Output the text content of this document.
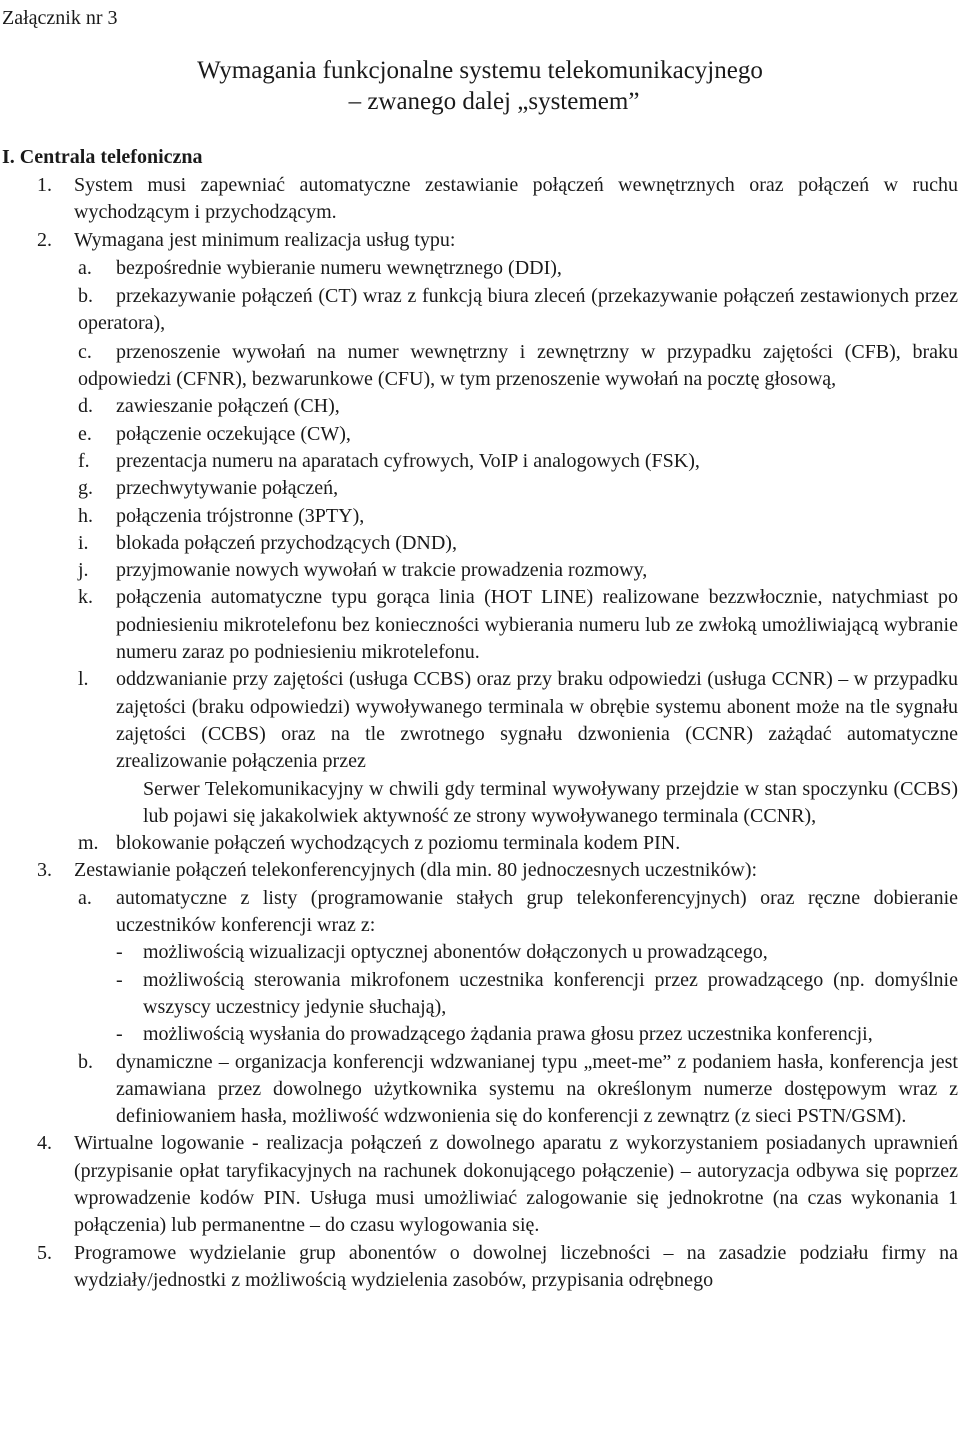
Załącznik nr 3
Wymagania funkcjonalne systemu telekomunikacyjnego
– zwanego dalej „systemem”
I. Centrala telefoniczna
1. System musi zapewniać automatyczne zestawianie połączeń wewnętrznych oraz połączeń w ruchu wychodzącym i przychodzącym.
2. Wymagana jest minimum realizacja usług typu:
a. bezpośrednie wybieranie numeru wewnętrznego (DDI),
b. przekazywanie połączeń (CT) wraz z funkcją biura zleceń (przekazywanie połączeń zestawionych przez operatora),
c. przenoszenie wywołań na numer wewnętrzny i zewnętrzny w przypadku zajętości (CFB), braku odpowiedzi (CFNR), bezwarunkowe (CFU), w tym przenoszenie wywołań na pocztę głosową,
d. zawieszanie połączeń (CH),
e. połączenie oczekujące (CW),
f. prezentacja numeru na aparatach cyfrowych, VoIP i analogowych (FSK),
g. przechwytywanie połączeń,
h. połączenia trójstronne (3PTY),
i. blokada połączeń przychodzących (DND),
j. przyjmowanie nowych wywołań w trakcie prowadzenia rozmowy,
k. połączenia automatyczne typu gorąca linia (HOT LINE) realizowane bezzwłocznie, natychmiast po podniesieniu mikrotelefonu bez konieczności wybierania numeru lub ze zwłoką umożliwiającą wybranie numeru zaraz po podniesieniu mikrotelefonu.
l. oddzwanianie przy zajętości (usługa CCBS) oraz przy braku odpowiedzi (usługa CCNR) – w przypadku zajętości (braku odpowiedzi) wywoływanego terminala w obrębie systemu abonent może na tle sygnału zajętości (CCBS) oraz na tle zwrotnego sygnału dzwonienia (CCNR) zażądać automatyczne zrealizowanie połączenia przez
Serwer Telekomunikacyjny w chwili gdy terminal wywoływany przejdzie w stan spoczynku (CCBS) lub pojawi się jakakolwiek aktywność ze strony wywoływanego terminala (CCNR),
m. blokowanie połączeń wychodzących z poziomu terminala kodem PIN.
3. Zestawianie połączeń telekonferencyjnych (dla min. 80 jednoczesnych uczestników):
a. automatyczne z listy (programowanie stałych grup telekonferencyjnych) oraz ręczne dobieranie uczestników konferencji wraz z:
- możliwością wizualizacji optycznej abonentów dołączonych u prowadzącego,
- możliwością sterowania mikrofonem uczestnika konferencji przez prowadzącego (np. domyślnie wszyscy uczestnicy jedynie słuchają),
- możliwością wysłania do prowadzącego żądania prawa głosu przez uczestnika konferencji,
b. dynamiczne – organizacja konferencji wdzwanianej typu „meet-me” z podaniem hasła, konferencja jest zamawiana przez dowolnego użytkownika systemu na określonym numerze dostępowym wraz z definiowaniem hasła, możliwość wdzwonienia się do konferencji z zewnątrz (z sieci PSTN/GSM).
4. Wirtualne logowanie - realizacja połączeń z dowolnego aparatu z wykorzystaniem posiadanych uprawnień (przypisanie opłat taryfikacyjnych na rachunek dokonującego połączenie) – autoryzacja odbywa się poprzez wprowadzenie kodów PIN. Usługa musi umożliwiać zalogowanie się jednokrotne (na czas wykonania 1 połączenia) lub permanentne – do czasu wylogowania się.
5. Programowe wydzielanie grup abonentów o dowolnej liczebności – na zasadzie podziału firmy na wydziały/jednostki z możliwością wydzielenia zasobów, przypisania odrębnego
